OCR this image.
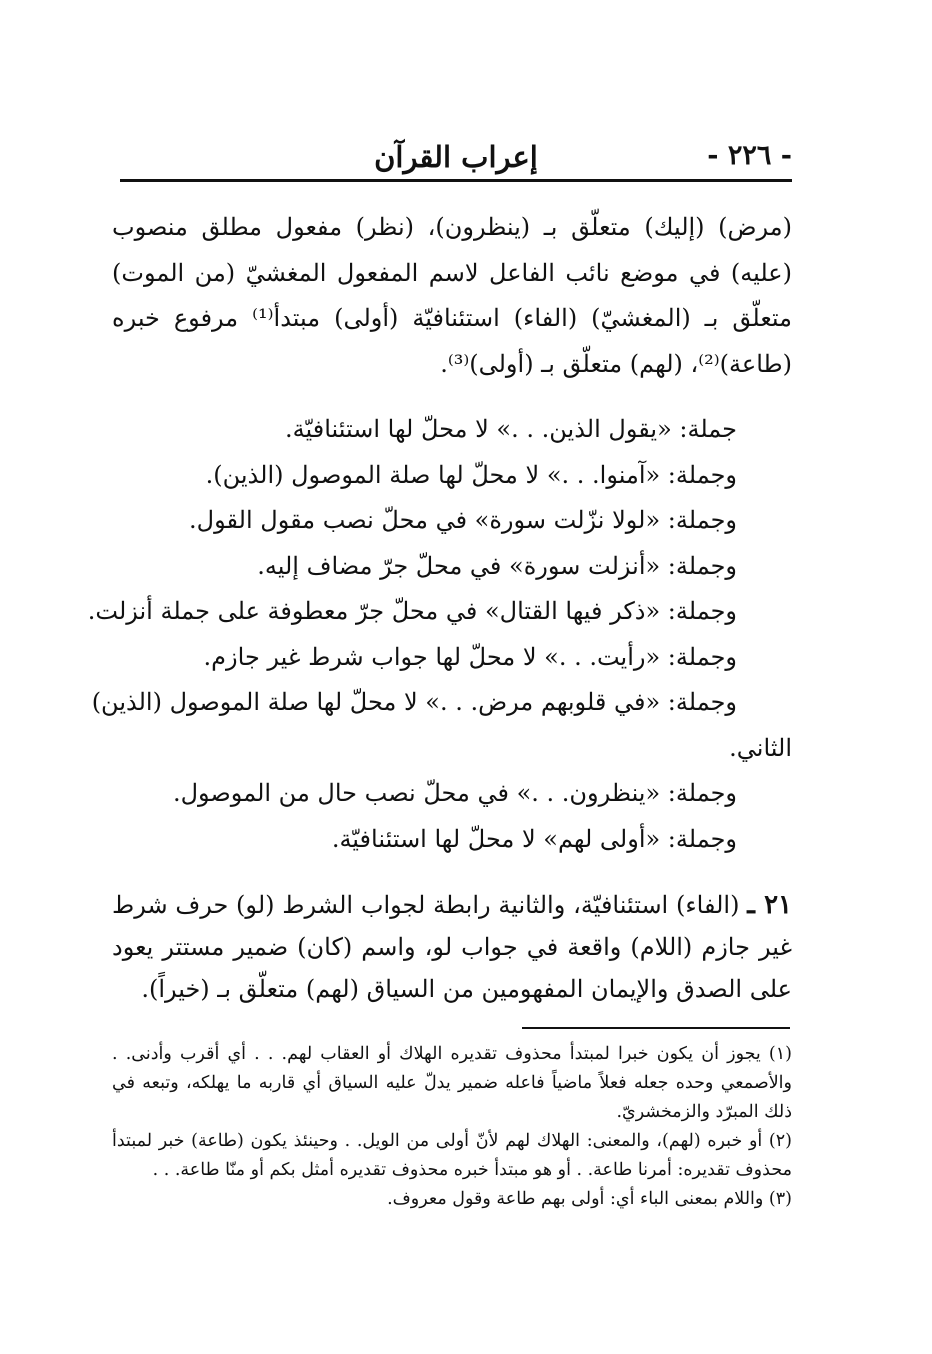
- ٢٢٦ -
إعراب القرآن

(مرض) (إليك) متعلّق بـ (ينظرون)، (نظر) مفعول مطلق منصوب (عليه) في موضع نائب الفاعل لاسم المفعول المغشيّ (من الموت) متعلّق بـ (المغشيّ) (الفاء) استئنافيّة (أولى) مبتدأ⁽¹⁾ مرفوع خبره (طاعة)⁽²⁾، (لهم) متعلّق بـ (أولى)⁽³⁾.

جملة: «يقول الذين. . .» لا محلّ لها استئنافيّة.
وجملة: «آمنوا. . .» لا محلّ لها صلة الموصول (الذين).
وجملة: «لولا نزّلت سورة» في محلّ نصب مقول القول.
وجملة: «أنزلت سورة» في محلّ جرّ مضاف إليه.
وجملة: «ذكر فيها القتال» في محلّ جرّ معطوفة على جملة أنزلت.
وجملة: «رأيت. . .» لا محلّ لها جواب شرط غير جازم.
وجملة: «في قلوبهم مرض. . .» لا محلّ لها صلة الموصول (الذين)
الثاني.
وجملة: «ينظرون. . .» في محلّ نصب حال من الموصول.
وجملة: «أولى لهم» لا محلّ لها استئنافيّة.

٢١ ـ (الفاء) استئنافيّة، والثانية رابطة لجواب الشرط (لو) حرف شرط غير جازم (اللام) واقعة في جواب لو، واسم (كان) ضمير مستتر يعود على الصدق والإيمان المفهومين من السياق (لهم) متعلّق بـ (خيراً).

(١) يجوز أن يكون خبرا لمبتدأ محذوف تقديره الهلاك أو العقاب لهم. . . أي أقرب وأدنى. . والأصمعي وحده جعله فعلاً ماضياً فاعله ضمير يدلّ عليه السياق أي قاربه ما يهلكه، وتبعه في ذلك المبرّد والزمخشريّ.

(٢) أو خبره (لهم)، والمعنى: الهلاك لهم لأنّ أولى من الويل. . وحينئذ يكون (طاعة) خبر لمبتدأ محذوف تقديره: أمرنا طاعة. . أو هو مبتدأ خبره محذوف تقديره أمثل بكم أو منّا طاعة. . .

(٣) واللام بمعنى الباء أي: أولى بهم طاعة وقول معروف.
